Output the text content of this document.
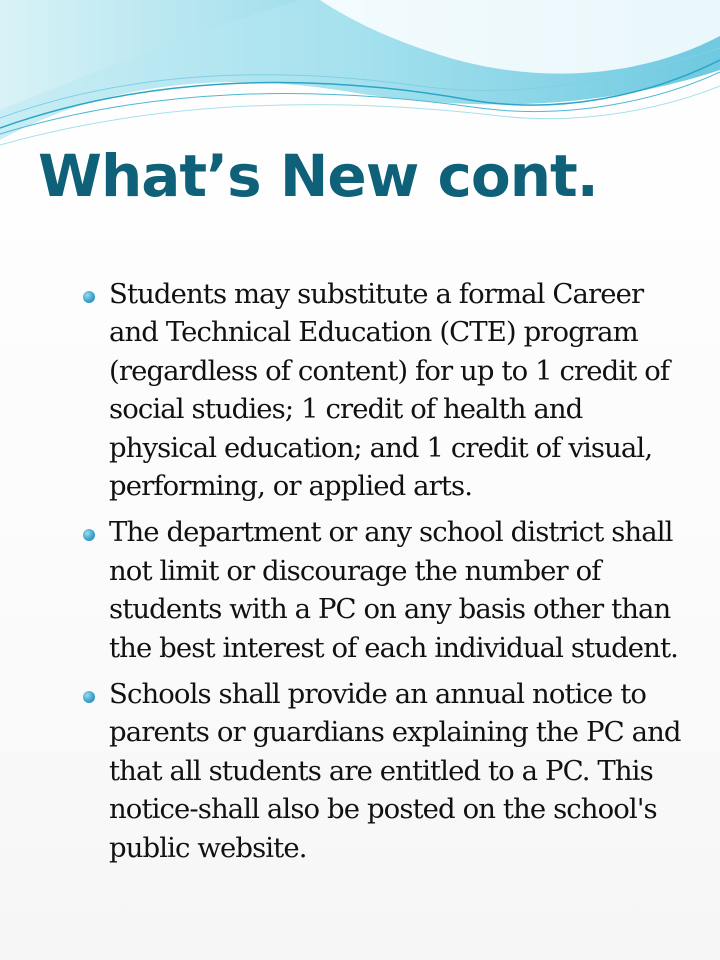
What’s New cont.
Students may substitute a formal Career and Technical Education (CTE) program (regardless of content) for up to 1 credit of social studies; 1 credit of health and physical education; and 1 credit of visual, performing, or applied arts.
The department or any school district shall not limit or discourage the number of students with a PC on any basis other than the best interest of each individual student.
Schools shall provide an annual notice to parents or guardians explaining the PC and that all students are entitled to a PC. This notice-shall also be posted on the school's public website.
